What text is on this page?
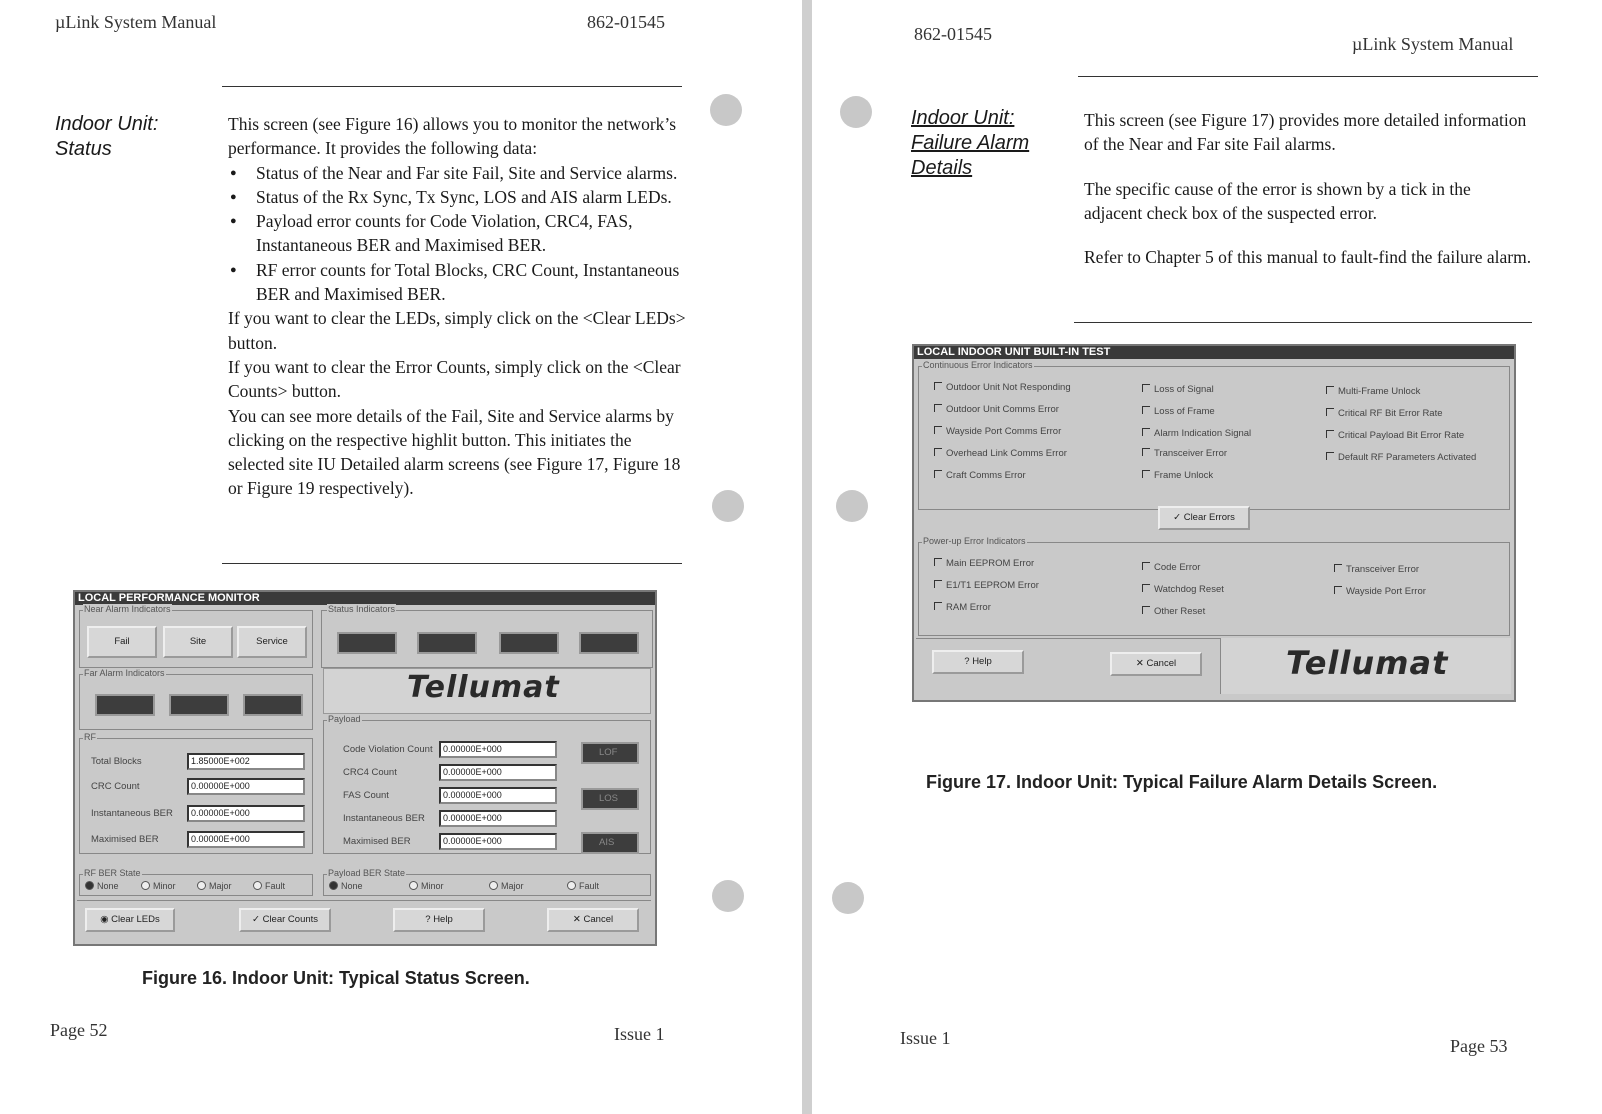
µLink System Manual	862-01545
Indoor Unit:
Status

This screen (see Figure 16) allows you to monitor the network’s performance. It provides the following data:

● Status of the Near and Far site Fail, Site and Service alarms.
● Status of the Rx Sync, Tx Sync, LOS and AIS alarm LEDs.
● Payload error counts for Code Violation, CRC4, FAS, Instantaneous BER and Maximised BER.
● RF error counts for Total Blocks, CRC Count, Instantaneous BER and Maximised BER.

If you want to clear the LEDs, simply click on the <Clear LEDs> button.

If you want to clear the Error Counts, simply click on the <Clear Counts> button.

You can see more details of the Fail, Site and Service alarms by clicking on the respective highlit button. This initiates the selected site IU Detailed alarm screens (see Figure 17, Figure 18 or Figure 19 respectively).

LOCAL PERFORMANCE MONITOR
Near Alarm Indicators
Fail	Site	Service
Status Indicators
Far Alarm Indicators	Tellumat
Payload
Code Violation Count	0.00000E+000
CRC4 Count	0.00000E+000
FAS Count	0.00000E+000
Instantaneous BER	0.00000E+000
Maximised BER	0.00000E+000
LOF
LOS
AIS
RF
Total Blocks	1.85000E+002
CRC Count	0.00000E+000
Instantaneous BER	0.00000E+000
Maximised BER	0.00000E+000
RF BER State
None	Minor	Major	Fault
Payload BER State
None	Minor	Major	Fault
◉ Clear LEDs	✓ Clear Counts	? Help	✕ Cancel
Figure 16. Indoor Unit: Typical Status Screen.
Page 52	Issue 1
862-01545	µLink System Manual
Indoor Unit:
Failure Alarm
Details

This screen (see Figure 17) provides more detailed information of the Near and Far site Fail alarms.

The specific cause of the error is shown by a tick in the adjacent check box of the suspected error.

Refer to Chapter 5 of this manual to fault-find the failure alarm.

LOCAL INDOOR UNIT BUILT-IN TEST
Continuous Error Indicators
Outdoor Unit Not Responding
Outdoor Unit Comms Error
Wayside Port Comms Error
Overhead Link Comms Error
Craft Comms Error
Loss of Signal
Loss of Frame
Alarm Indication Signal
Transceiver Error
Frame Unlock
Multi-Frame Unlock
Critical RF Bit Error Rate
Critical Payload Bit Error Rate
Default RF Parameters Activated
✓ Clear Errors
Power-up Error Indicators
Main EEPROM Error
E1/T1 EEPROM Error
RAM Error
Code Error
Watchdog Reset
Other Reset
Transceiver Error
Wayside Port Error
? Help	✕ Cancel	Tellumat
Figure 17. Indoor Unit: Typical Failure Alarm Details Screen.
Issue 1	Page 53
